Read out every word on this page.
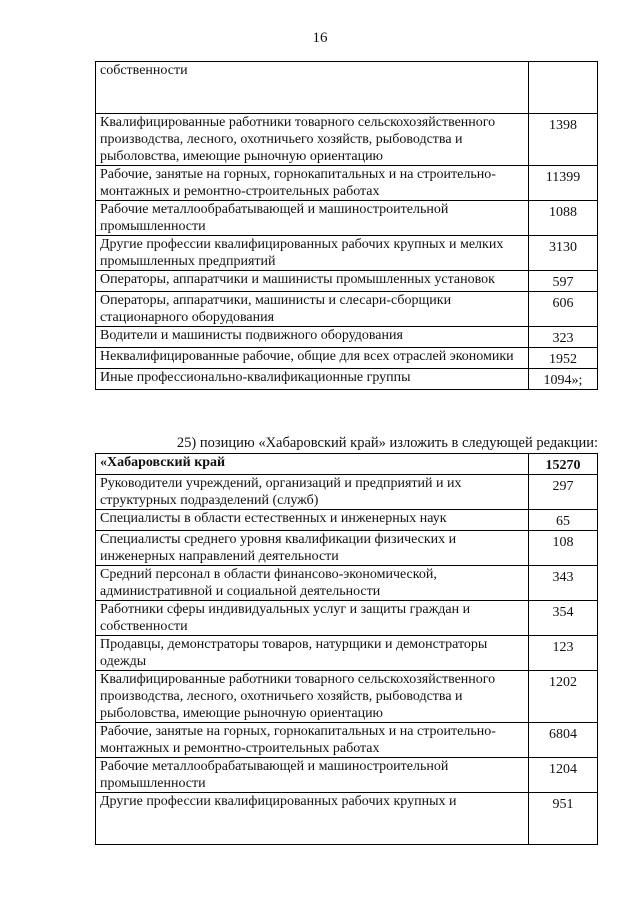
16
собственности

Квалифицированные работники товарного сельскохозяйственного производства, лесного, охотничьего хозяйств, рыбоводства и рыболовства, имеющие рыночную ориентацию	1398
Рабочие, занятые на горных, горнокапитальных и на строительно-монтажных и ремонтно-строительных работах	11399
Рабочие металлообрабатывающей и машиностроительной промышленности	1088
Другие профессии квалифицированных рабочих крупных и мелких промышленных предприятий	3130
Операторы, аппаратчики и машинисты промышленных установок	597
Операторы, аппаратчики, машинисты и слесари-сборщики стационарного оборудования	606
Водители и машинисты подвижного оборудования	323
Неквалифицированные рабочие, общие для всех отраслей экономики	1952
Иные профессионально-квалификационные группы	1094»;
25) позицию «Хабаровский край» изложить в следующей редакции:
«Хабаровский край	15270
Руководители учреждений, организаций и предприятий и их структурных подразделений (служб)	297
Специалисты в области естественных и инженерных наук	65
Специалисты среднего уровня квалификации физических и инженерных направлений деятельности	108
Средний персонал в области финансово-экономической, административной и социальной деятельности	343
Работники сферы индивидуальных услуг и защиты граждан и собственности	354
Продавцы, демонстраторы товаров, натурщики и демонстраторы одежды	123
Квалифицированные работники товарного сельскохозяйственного производства, лесного, охотничьего хозяйств, рыбоводства и рыболовства, имеющие рыночную ориентацию	1202
Рабочие, занятые на горных, горнокапитальных и на строительно-монтажных и ремонтно-строительных работах	6804
Рабочие металлообрабатывающей и машиностроительной промышленности	1204
Другие профессии квалифицированных рабочих крупных и	951
